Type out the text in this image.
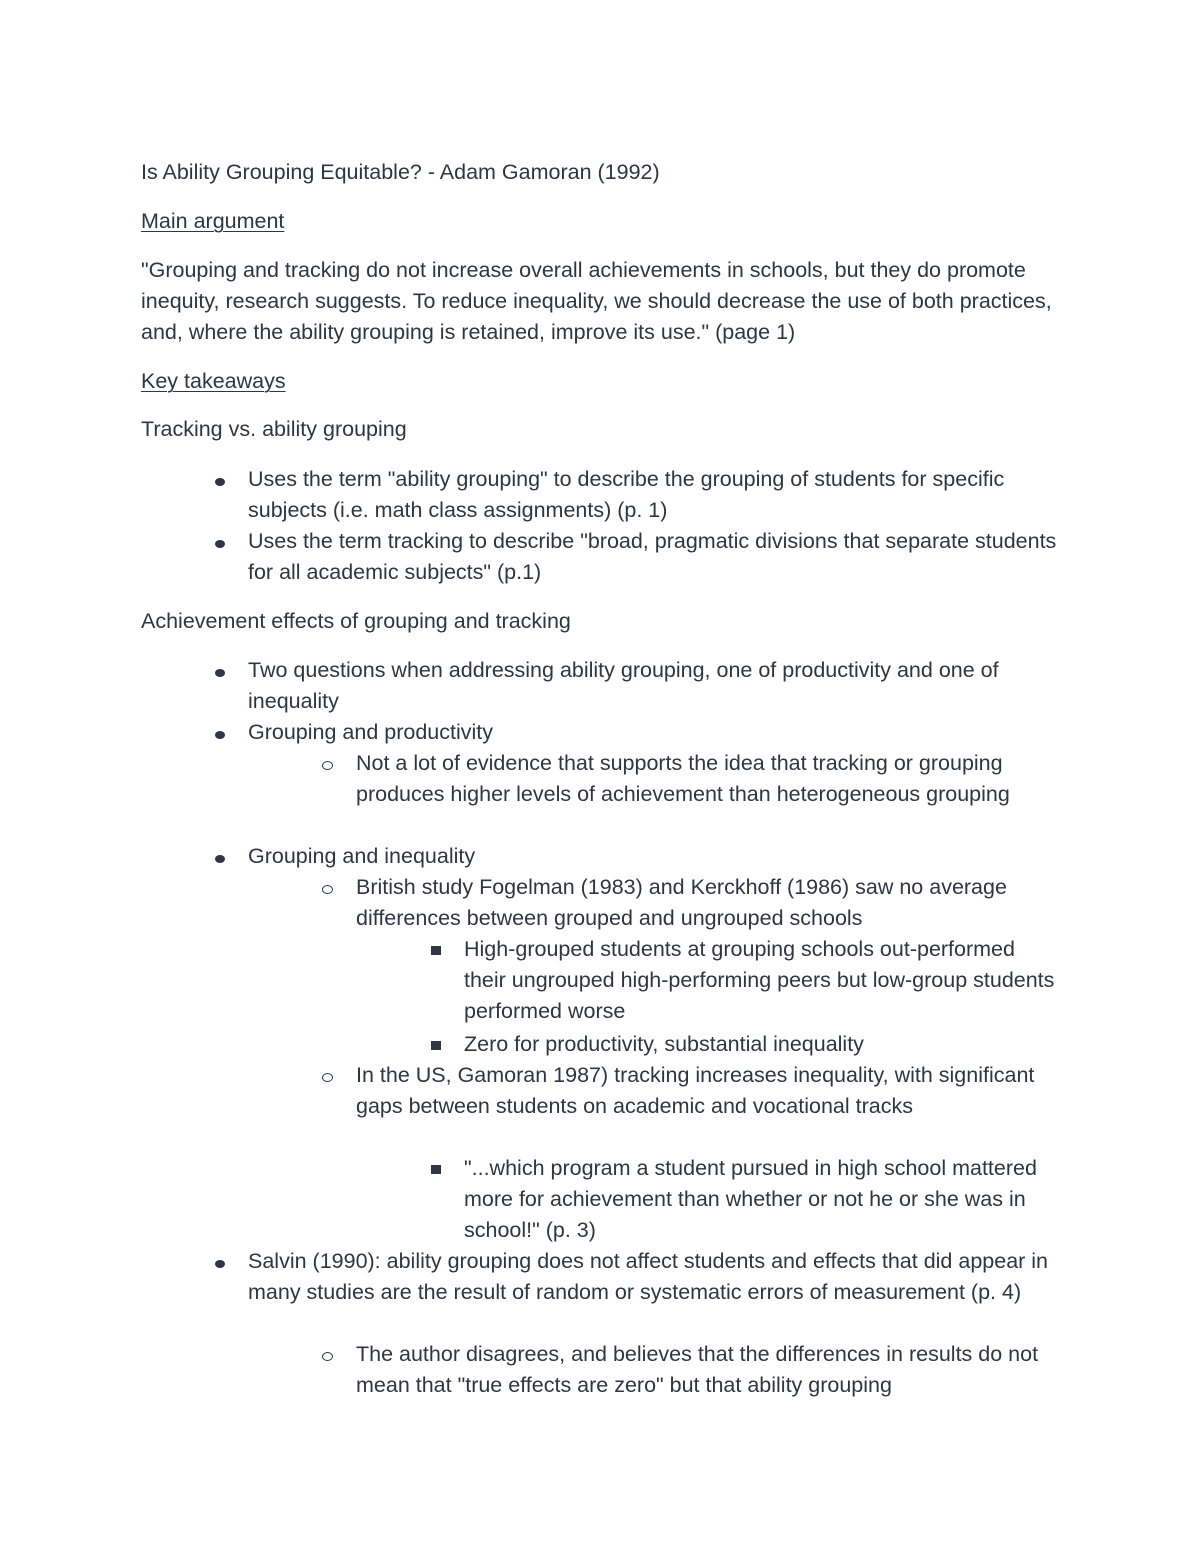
Is Ability Grouping Equitable? - Adam Gamoran (1992)

Main argument

"Grouping and tracking do not increase overall achievements in schools, but they do promote inequity, research suggests. To reduce inequality, we should decrease the use of both practices, and, where the ability grouping is retained, improve its use." (page 1)

Key takeaways

Tracking vs. ability grouping

Uses the term "ability grouping" to describe the grouping of students for specific subjects (i.e. math class assignments) (p. 1)

Uses the term tracking to describe "broad, pragmatic divisions that separate students for all academic subjects" (p.1)

Achievement effects of grouping and tracking

Two questions when addressing ability grouping, one of productivity and one of inequality

Grouping and productivity

Not a lot of evidence that supports the idea that tracking or grouping produces higher levels of achievement than heterogeneous grouping

Grouping and inequality

British study Fogelman (1983) and Kerckhoff (1986) saw no average differences between grouped and ungrouped schools

High-grouped students at grouping schools out-performed their ungrouped high-performing peers but low-group students performed worse

Zero for productivity, substantial inequality

In the US, Gamoran 1987) tracking increases inequality, with significant gaps between students on academic and vocational tracks

"...which program a student pursued in high school mattered more for achievement than whether or not he or she was in school!" (p. 3)

Salvin (1990): ability grouping does not affect students and effects that did appear in many studies are the result of random or systematic errors of measurement (p. 4)

The author disagrees, and believes that the differences in results do not mean that "true effects are zero" but that ability grouping
